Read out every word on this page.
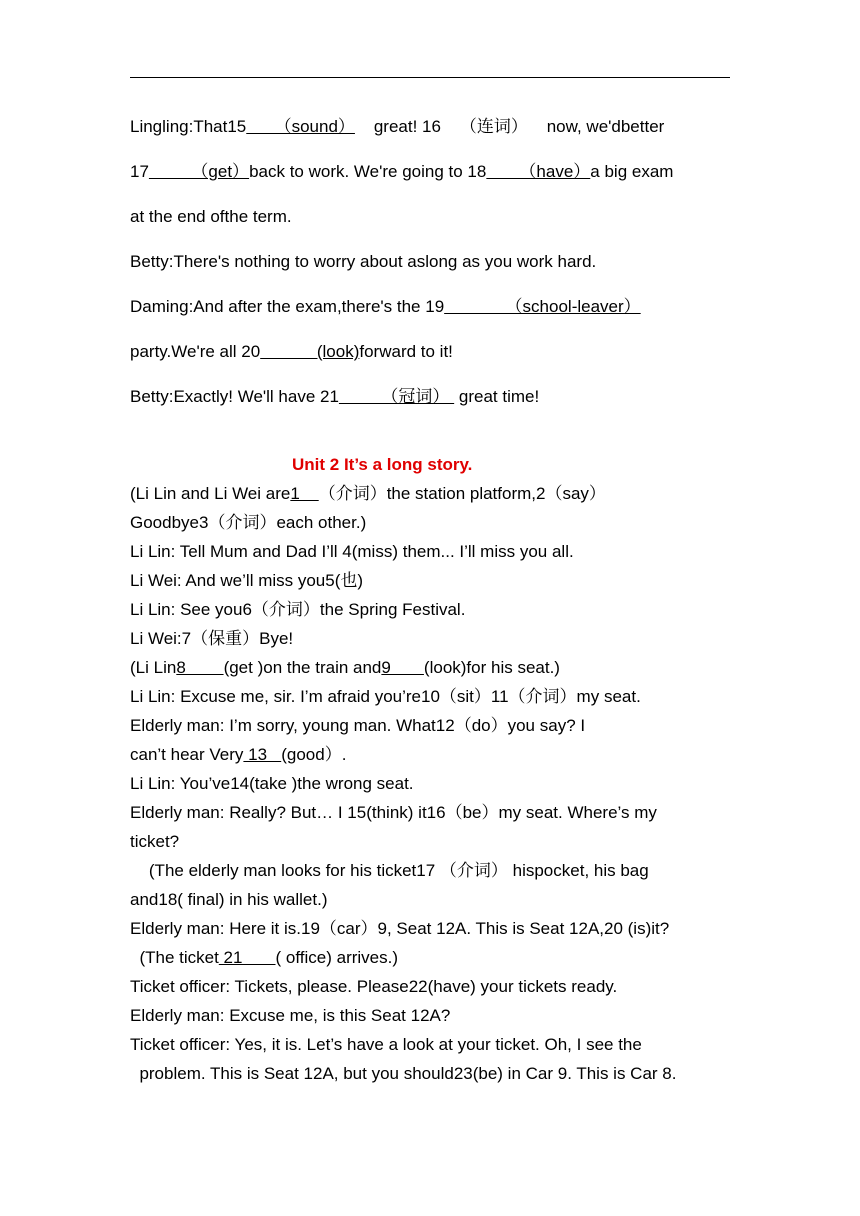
Lingling:That15      （sound）    great! 16    （连词）    now, we'dbetter
17         （get）back to work. We're going to 18       （have）a big exam
at the end ofthe term.
Betty:There's nothing to worry about aslong as you work hard.
Daming:And after the exam,there's the 19             （school-leaver）
party.We're all 20            (look)forward to it!
Betty:Exactly! We'll have 21         （冠词）  great time!
Unit 2 It’s a long story.
(Li Lin and Li Wei are1    （介词）the station platform,2（say）
Goodbye3（介词）each other.)
Li Lin: Tell Mum and Dad I’ll 4(miss) them... I’ll miss you all.
Li Wei: And we’ll miss you5(也)
Li Lin: See you6（介词）the Spring Festival.
Li Wei:7（保重）Bye!
(Li Lin8        (get )on the train and9       (look)for his seat.)
Li Lin: Excuse me, sir. I’m afraid you’re10（sit）11（介词）my seat.
Elderly man: I’m sorry, young man. What12（do）you say? I
can’t hear Very 13   (good）.
Li Lin: You’ve14(take )the wrong seat.
Elderly man: Really? But… I 15(think) it16（be）my seat. Where’s my
ticket?
(The elderly man looks for his ticket17 （介词） hispocket, his bag
and18( final) in his wallet.)
Elderly man: Here it is.19（car）9, Seat 12A. This is Seat 12A,20 (is)it?
(The ticket 21       ( office) arrives.)
Ticket officer: Tickets, please. Please22(have) your tickets ready.
Elderly man: Excuse me, is this Seat 12A?
Ticket officer: Yes, it is. Let’s have a look at your ticket. Oh, I see the
problem. This is Seat 12A, but you should23(be) in Car 9. This is Car 8.
